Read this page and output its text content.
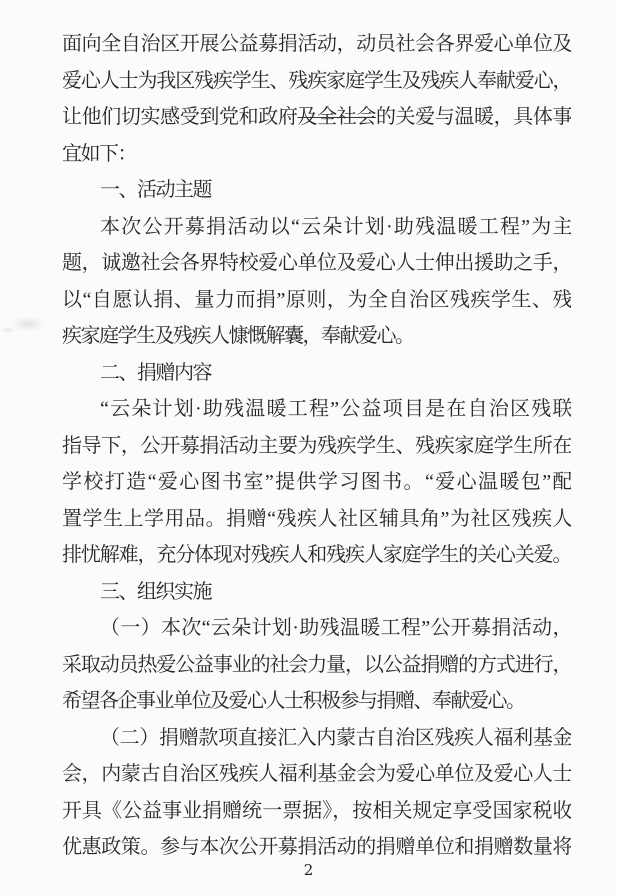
面向全自治区开展公益募捐活动，动员社会各界爱心单位及
爱心人士为我区残疾学生、残疾家庭学生及残疾人奉献爱心，
让他们切实感受到党和政府及全社会的关爱与温暖，具体事
宜如下：
一、活动主题
本次公开募捐活动以“云朵计划·助残温暖工程”为主
题，诚邀社会各界特校爱心单位及爱心人士伸出援助之手，
以“自愿认捐、量力而捐”原则，为全自治区残疾学生、残
疾家庭学生及残疾人慷慨解囊，奉献爱心。
二、捐赠内容
“云朵计划·助残温暖工程”公益项目是在自治区残联
指导下，公开募捐活动主要为残疾学生、残疾家庭学生所在
学校打造“爱心图书室”提供学习图书。“爱心温暖包”配
置学生上学用品。捐赠“残疾人社区辅具角”为社区残疾人
排忧解难，充分体现对残疾人和残疾人家庭学生的关心关爱。
三、组织实施
（一）本次“云朵计划·助残温暖工程”公开募捐活动，
采取动员热爱公益事业的社会力量，以公益捐赠的方式进行，
希望各企事业单位及爱心人士积极参与捐赠、奉献爱心。
（二）捐赠款项直接汇入内蒙古自治区残疾人福利基金
会，内蒙古自治区残疾人福利基金会为爱心单位及爱心人士
开具《公益事业捐赠统一票据》，按相关规定享受国家税收
优惠政策。参与本次公开募捐活动的捐赠单位和捐赠数量将
2
